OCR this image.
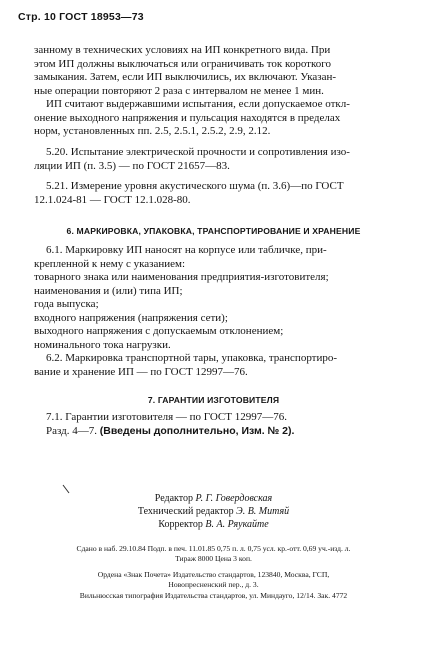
Стр. 10 ГОСТ 18953—73
занному в технических условиях на ИП конкретного вида. При
этом ИП должны выключаться или ограничивать ток короткого
замыкания. Затем, если ИП выключились, их включают. Указан-
ные операции повторяют 2 раза с интервалом не менее 1 мин.
ИП считают выдержавшими испытания, если допускаемое откл-
онение выходного напряжения и пульсация находятся в пределах
норм, установленных пп. 2.5, 2.5.1, 2.5.2, 2.9, 2.12.
5.20. Испытание электрической прочности и сопротивления изо-
ляции ИП (п. 3.5) — по ГОСТ 21657—83.
5.21. Измерение уровня акустического шума (п. 3.6)—по ГОСТ
12.1.024-81 — ГОСТ 12.1.028-80.
6. МАРКИРОВКА, УПАКОВКА, ТРАНСПОРТИРОВАНИЕ И ХРАНЕНИЕ
6.1. Маркировку ИП наносят на корпусе или табличке, при-
крепленной к нему с указанием:
товарного знака или наименования предприятия-изготовителя;
наименования и (или) типа ИП;
года выпуска;
входного напряжения (напряжения сети);
выходного напряжения с допускаемым отклонением;
номинального тока нагрузки.
6.2. Маркировка транспортной тары, упаковка, транспортиро-
вание и хранение ИП — по ГОСТ 12997—76.
7. ГАРАНТИИ ИЗГОТОВИТЕЛЯ
7.1. Гарантии изготовителя — по ГОСТ 12997—76.
Разд. 4—7. (Введены дополнительно, Изм. № 2).
Редактор Р. Г. Говердовская
Технический редактор Э. В. Митяй
Корректор В. А. Ряукайте
Сдано в наб. 29.10.84 Подп. в печ. 11.01.85 0,75 п. л. 0,75 усл. кр.-отт. 0,69 уч.-изд. л.
Тираж 8000 Цена 3 коп.
Ордена «Знак Почета» Издательство стандартов, 123840, Москва, ГСП,
Новопресненский пер., д. 3.
Вильнюсская типография Издательства стандартов, ул. Миндауго, 12/14. Зак. 4772
